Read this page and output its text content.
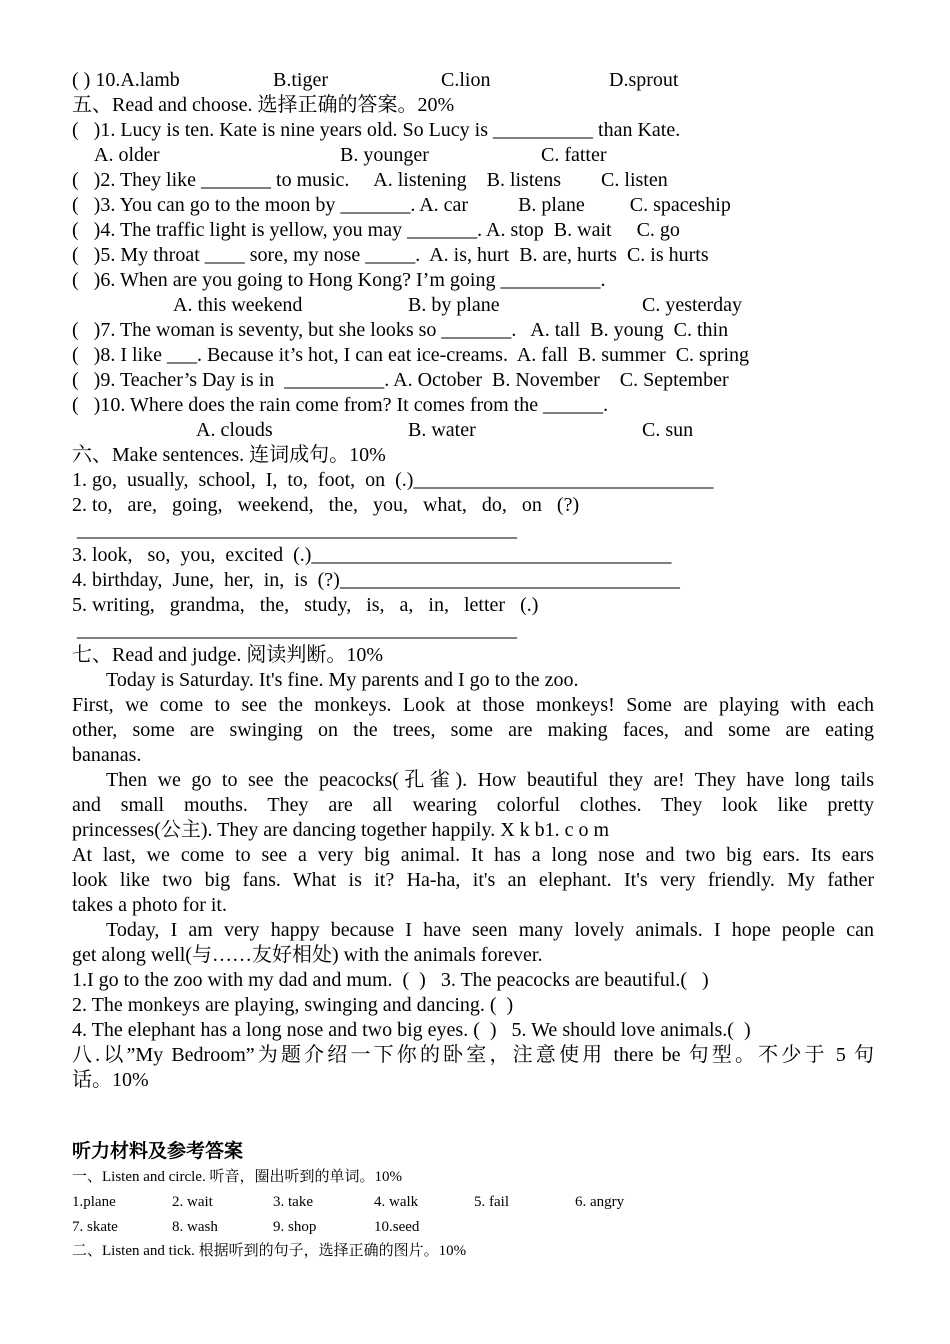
( ) 10.A.lamb	B.tiger	C.lion	D.sprout
五、Read and choose. 选择正确的答案。20%
(   )1. Lucy is ten. Kate is nine years old. So Lucy is __________ than Kate.
A. older	B. younger	C. fatter
(   )2. They like _______ to music.     A. listening    B. listens        C. listen
(   )3. You can go to the moon by _______. A. car          B. plane         C. spaceship
(   )4. The traffic light is yellow, you may _______. A. stop  B. wait     C. go
(   )5. My throat ____ sore, my nose _____.  A. is, hurt  B. are, hurts  C. is hurts
(   )6. When are you going to Hong Kong? I’m going __________.
A. this weekend	B. by plane	C. yesterday
(   )7. The woman is seventy, but she looks so _______.   A. tall  B. young  C. thin
(   )8. I like ___. Because it’s hot, I can eat ice-creams.  A. fall  B. summer  C. spring
(   )9. Teacher’s Day is in  __________. A. October  B. November    C. September
(   )10. Where does the rain come from? It comes from the ______.
A. clouds	B. water	C. sun
六、Make sentences. 连词成句。10%
1. go,  usually,  school,  I,  to,  foot,  on  (.)______________________________
2. to,   are,   going,   weekend,   the,   you,   what,   do,   on   (?)
____________________________________________
3. look,   so,  you,  excited  (.)____________________________________
4. birthday,  June,  her,  in,  is  (?)__________________________________
5. writing,   grandma,   the,   study,   is,   a,   in,   letter   (.)
____________________________________________
七、Read and judge. 阅读判断。10%
Today is Saturday. It's fine. My parents and I go to the zoo.
First, we come to see the monkeys. Look at those monkeys! Some are playing with each
other, some are swinging on the trees, some are making faces, and some are eating
bananas.
Then we go to see the peacocks(孔雀). How beautiful they are! They have long tails
and small mouths. They are all wearing colorful clothes. They look like pretty
princesses(公主). They are dancing together happily. X k b1. c o m
At last, we come to see a very big animal. It has a long nose and two big ears. Its ears
look like two big fans. What is it? Ha-ha, it's an elephant. It's very friendly. My father
takes a photo for it.
Today, I am very happy because I have seen many lovely animals. I hope people can
get along well(与……友好相处) with the animals forever.
1.I go to the zoo with my dad and mum.  (  )   3. The peacocks are beautiful.(   )
2. The monkeys are playing, swinging and dancing. (  )
4. The elephant has a long nose and two big eyes. (  )   5. We should love animals.(  )
八.以”My Bedroom”为题介绍一下你的卧室，注意使用 there be 句型。不少于 5 句
话。10%
听力材料及参考答案
一、Listen and circle. 听音，圈出听到的单词。10%
1.plane	2. wait	3. take	4. walk	5. fail	6. angry
7. skate	8. wash	9. shop	10.seed
二、Listen and tick. 根据听到的句子，选择正确的图片。10%
